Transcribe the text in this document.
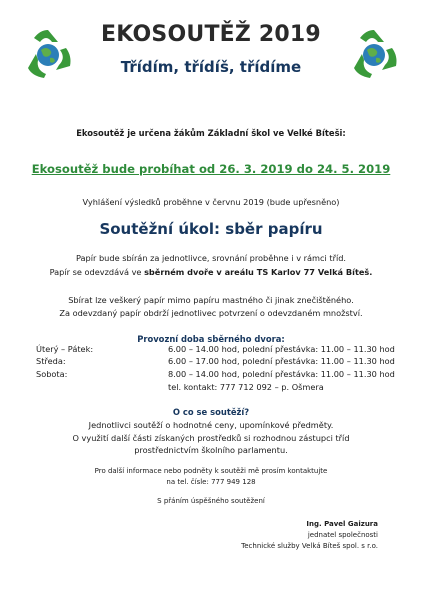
EKOSOUTĚŽ 2019
Třídím, třídíš, třídíme
Ekosoutěž je určena žákům Základní škol ve Velké Bíteši:
Ekosoutěž bude probíhat od 26. 3. 2019 do 24. 5. 2019
Vyhlášení výsledků proběhne v červnu 2019 (bude upřesněno)
Soutěžní úkol: sběr papíru
Papír bude sbírán za jednotlivce, srovnání proběhne i v rámci tříd.
Papír se odevzdává ve sběrném dvoře v areálu TS Karlov 77 Velká Bíteš.
Sbírat lze veškerý papír mimo papíru mastného či jinak znečištěného.
Za odevzdaný papír obdrží jednotlivec potvrzení o odevzdaném množství.
Provozní doba sběrného dvora:
Úterý – Pátek:	6.00 – 14.00 hod, polední přestávka: 11.00 – 11.30 hod
Středa:	6.00 – 17.00 hod, polední přestávka: 11.00 – 11.30 hod
Sobota:	8.00 – 14.00 hod, polední přestávka: 11.00 – 11.30 hod
tel. kontakt: 777 712 092 – p. Ošmera
O co se soutěží?
Jednotlivci soutěží o hodnotné ceny, upomínkové předměty.
O využití další části získaných prostředků si rozhodnou zástupci tříd
prostřednictvím školního parlamentu.
Pro další informace nebo podněty k soutěži mě prosím kontaktujte
na tel. čísle: 777 949 128
S přáním úspěšného soutěžení
Ing. Pavel Gaizura
jednatel společnosti
Technické služby Velká Bíteš spol. s r.o.
